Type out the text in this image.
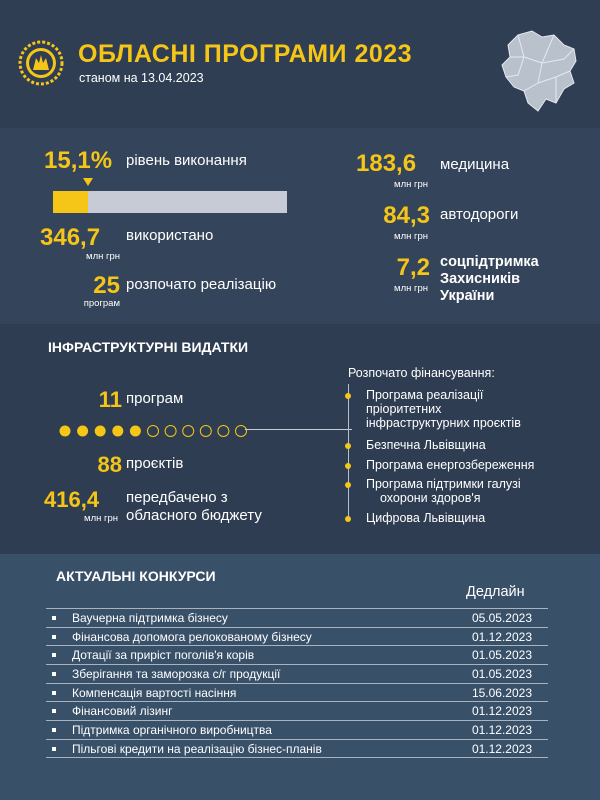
ОБЛАСНІ ПРОГРАМИ 2023
станом на 13.04.2023
15,1% рівень виконання
346,7
млн грн
використано
25
програм
розпочато реалізацію
183,6
млн грн
медицина
84,3
млн грн
автодороги
7,2
млн грн
соцпідтримка
Захисників
України
ІНФРАСТРУКТУРНІ ВИДАТКИ
11 програм
88 проєктів
416,4
млн грн
передбачено з
обласного бюджету
Розпочато фінансування:
Програма реалізації
пріоритетних
інфраструктурних проєктів
Безпечна Львівщина
Програма енергозбереження
Програма підтримки галузі
охорони здоров'я
Цифрова Львівщина
АКТУАЛЬНІ КОНКУРСИ
Дедлайн
Ваучерна підтримка бізнесу	05.05.2023
Фінансова допомога релокованому бізнесу	01.12.2023
Дотації за приріст поголів'я корів	01.05.2023
Зберігання та заморозка с/г продукції	01.05.2023
Компенсація вартості насіння	15.06.2023
Фінансовий лізинг	01.12.2023
Підтримка органічного виробництва	01.12.2023
Пільгові кредити на реалізацію бізнес-планів	01.12.2023
